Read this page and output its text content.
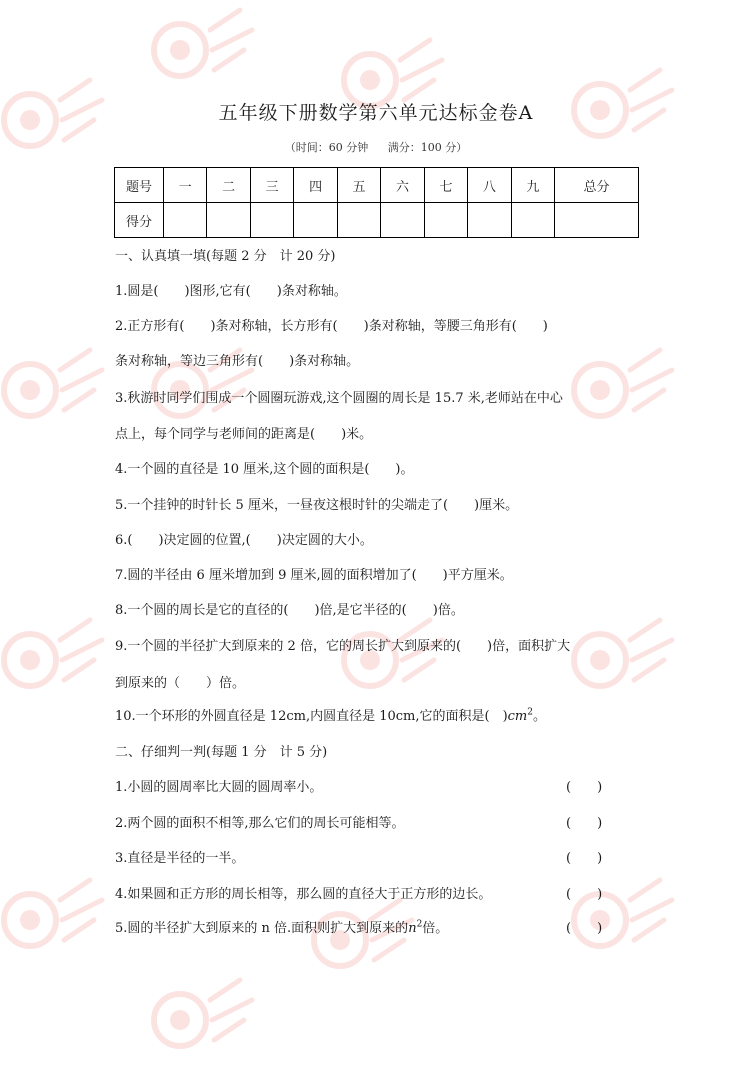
五年级下册数学第六单元达标金卷A
（时间：60 分钟 满分：100 分）
题号	一	二	三	四	五	六	七	八	九	总分
得分										
一、认真填一填(每题 2 分　计 20 分)
1.圆是(　　)图形,它有(　　)条对称轴。
2.正方形有(　　)条对称轴，长方形有(　　)条对称轴，等腰三角形有(　　)
条对称轴，等边三角形有(　　)条对称轴。
3.秋游时同学们围成一个圆圈玩游戏,这个圆圈的周长是 15.7 米,老师站在中心
点上，每个同学与老师间的距离是(　　)米。
4.一个圆的直径是 10 厘米,这个圆的面积是(　　)。
5.一个挂钟的时针长 5 厘米，一昼夜这根时针的尖端走了(　　)厘米。
6.(　　)决定圆的位置,(　　)决定圆的大小。
7.圆的半径由 6 厘米增加到 9 厘米,圆的面积增加了(　　)平方厘米。
8.一个圆的周长是它的直径的(　　)倍,是它半径的(　　)倍。
9.一个圆的半径扩大到原来的 2 倍，它的周长扩大到原来的(　　)倍，面积扩大
到原来的（　　）倍。
10.一个环形的外圆直径是 12cm,内圆直径是 10cm,它的面积是(　)$cm^2$。
二、仔细判一判(每题 1 分　计 5 分)
1.小圆的圆周率比大圆的圆周率小。	(　　)
2.两个圆的面积不相等,那么它们的周长可能相等。	(　　)
3.直径是半径的一半。	(　　)
4.如果圆和正方形的周长相等，那么圆的直径大于正方形的边长。	(　　)
5.圆的半径扩大到原来的 n 倍.面积则扩大到原来的$n^2$倍。	(　　)
